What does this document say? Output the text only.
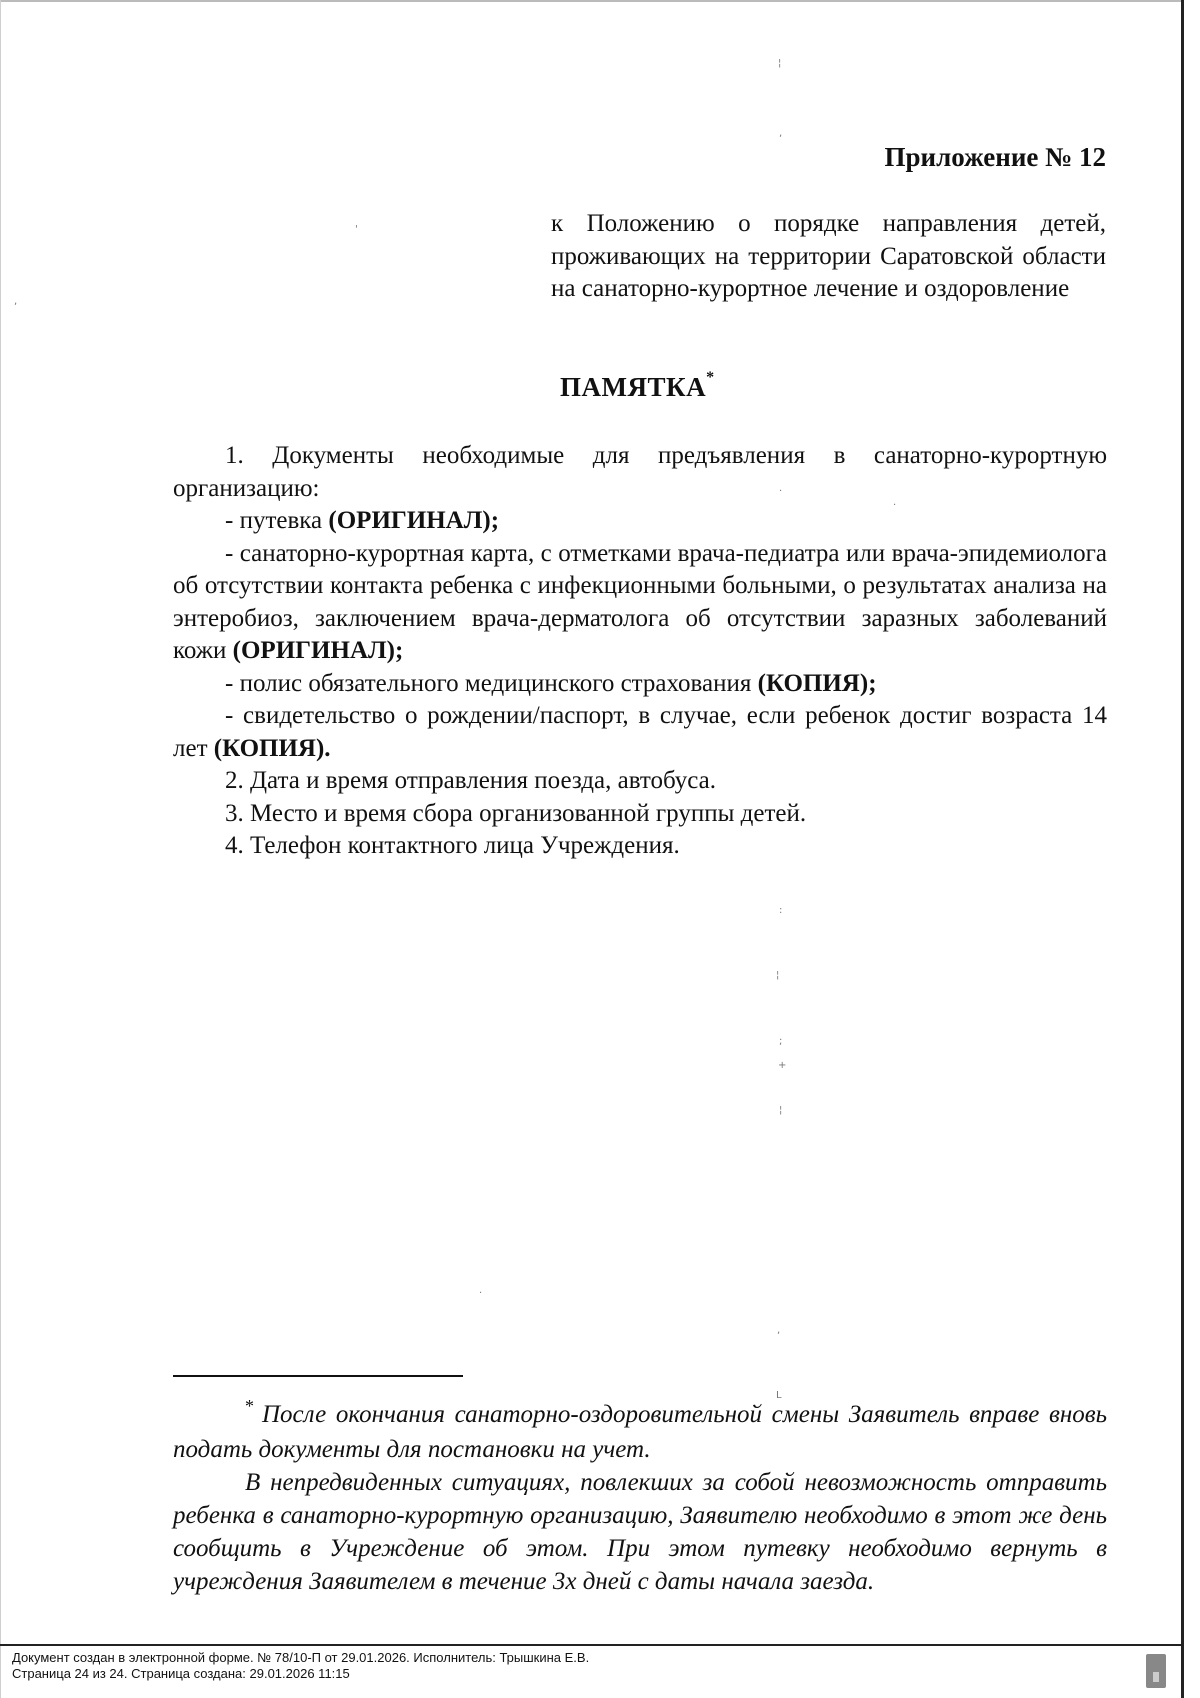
Приложение № 12
к Положению о порядке направления детей, проживающих на территории Саратовской области на санаторно-курортное лечение и оздоровление
ПАМЯТКА*

1. Документы необходимые для предъявления в санаторно-курортную организацию:

- путевка (ОРИГИНАЛ);

- санаторно-курортная карта, с отметками врача-педиатра или врача-эпидемиолога об отсутствии контакта ребенка с инфекционными больными, о результатах анализа на энтеробиоз, заключением врача-дерматолога об отсутствии заразных заболеваний кожи (ОРИГИНАЛ);

- полис обязательного медицинского страхования (КОПИЯ);

- свидетельство о рождении/паспорт, в случае, если ребенок достиг возраста 14 лет (КОПИЯ).

2. Дата и время отправления поезда, автобуса.

3. Место и время сбора организованной группы детей.

4. Телефон контактного лица Учреждения.

¦
,
'
,
·
·
:
¦
;
+
¦
·
,
L

* После окончания санаторно-оздоровительной смены Заявитель вправе вновь подать документы для постановки на учет.

В непредвиденных ситуациях, повлекших за собой невозможность отправить ребенка в санаторно-курортную организацию, Заявителю необходимо в этот же день сообщить в Учреждение об этом. При этом путевку необходимо вернуть в учреждения Заявителем в течение 3х дней с даты начала заезда.

Документ создан в электронной форме. № 78/10-П от 29.01.2026. Исполнитель: Трышкина Е.В.
Страница 24 из 24. Страница создана: 29.01.2026 11:15
